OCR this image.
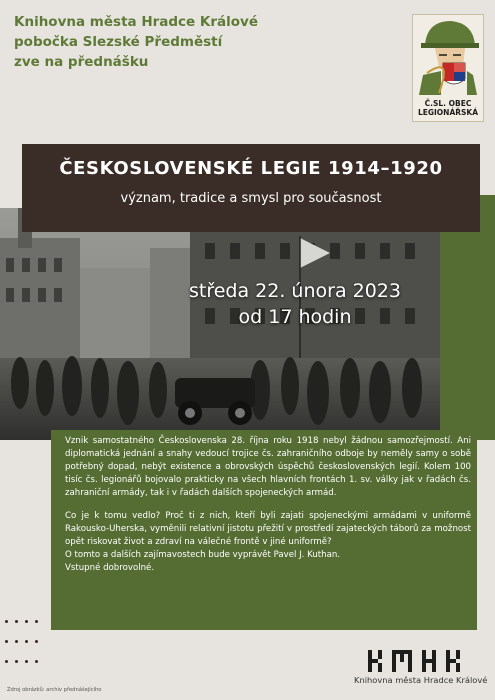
Knihovna města Hradce Králové
pobočka Slezské Předměstí
zve na přednášku
Č.SL. OBEC
LEGIONÁŘSKÁ
ČESKOSLOVENSKÉ LEGIE 1914–1920
význam, tradice a smysl pro současnost
středa 22. února 2023
od 17 hodin

Vznik samostatného Československa 28. října roku 1918 nebyl žádnou samozřejmostí. Ani diplomatická jednání a snahy vedoucí trojice čs. zahraničního odboje by neměly samy o sobě potřebný dopad, nebýt existence a obrovských úspěchů československých legií. Kolem 100 tisíc čs. legionářů bojovalo prakticky na všech hlavních frontách 1. sv. války jak v řadách čs. zahraniční armády, tak i v řadách dalších spojeneckých armád.

Co je k tomu vedlo? Proč ti z nich, kteří byli zajati spojeneckými armádami v uniformě Rakousko-Uherska, vyměnili relativní jistotu přežití v prostředí zajateckých táborů za možnost opět riskovat život a zdraví na válečné frontě v jiné uniformě?

O tomto a dalších zajímavostech bude vyprávět Pavel J. Kuthan.

Vstupné dobrovolné.

Zdroj obrázků: archiv přednášejícího
Knihovna města Hradce Králové
